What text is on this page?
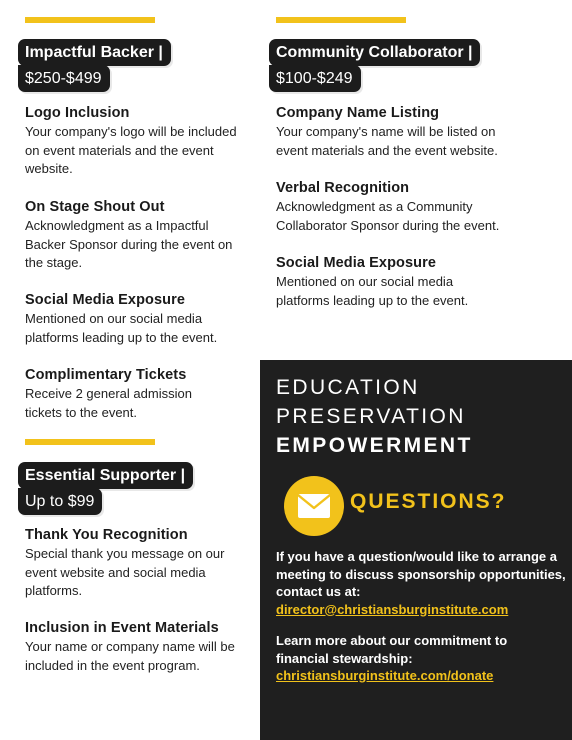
Impactful Backer |
$250-$499
Logo Inclusion

Your company's logo will be included on event materials and the event website.

On Stage Shout Out

Acknowledgment as a Impactful Backer Sponsor during the event on the stage.

Social Media Exposure

Mentioned on our social media platforms leading up to the event.

Complimentary Tickets

Receive 2 general admission tickets to the event.

Essential Supporter |
Up to $99
Thank You Recognition

Special thank you message on our event website and social media platforms.

Inclusion in Event Materials

Your name or company name will be included in the event program.

Community Collaborator |
$100-$249
Company Name Listing

Your company's name will be listed on event materials and the event website.

Verbal Recognition

Acknowledgment as a Community Collaborator Sponsor during the event.

Social Media Exposure

Mentioned on our social media platforms leading up to the event.

EDUCATION
PRESERVATION
EMPOWERMENT
QUESTIONS?
If you have a question/would like to arrange a meeting to discuss sponsorship opportunities, contact us at:
director@christiansburginstitute.com
Learn more about our commitment to financial stewardship:
christiansburginstitute.com/donate
